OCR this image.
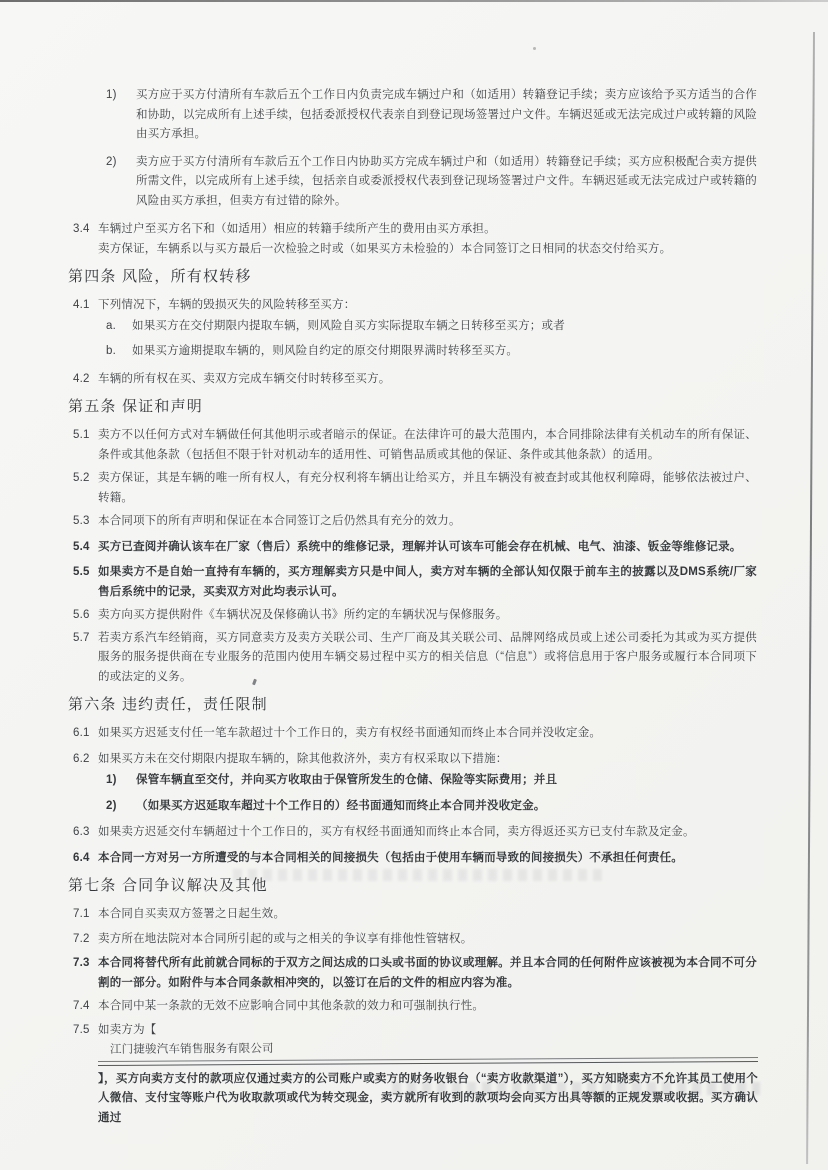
1)	买方应于买方付清所有车款后五个工作日内负责完成车辆过户和（如适用）转籍登记手续；卖方应该给予买方适当的合作和协助，以完成所有上述手续，包括委派授权代表亲自到登记现场签署过户文件。车辆迟延或无法完成过户或转籍的风险由买方承担。
2)	卖方应于买方付清所有车款后五个工作日内协助买方完成车辆过户和（如适用）转籍登记手续；买方应积极配合卖方提供所需文件，以完成所有上述手续，包括亲自或委派授权代表到登记现场签署过户文件。车辆迟延或无法完成过户或转籍的风险由买方承担，但卖方有过错的除外。
3.4 车辆过户至买方名下和（如适用）相应的转籍手续所产生的费用由买方承担。
卖方保证，车辆系以与买方最后一次检验之时或（如果买方未检验的）本合同签订之日相同的状态交付给买方。
第四条 风险，所有权转移
4.1 下列情况下，车辆的毁损灭失的风险转移至买方：
a.	如果买方在交付期限内提取车辆，则风险自买方实际提取车辆之日转移至买方；或者
b.	如果买方逾期提取车辆的，则风险自约定的原交付期限界满时转移至买方。
4.2 车辆的所有权在买、卖双方完成车辆交付时转移至买方。
第五条 保证和声明
5.1 卖方不以任何方式对车辆做任何其他明示或者暗示的保证。在法律许可的最大范围内，本合同排除法律有关机动车的所有保证、条件或其他条款（包括但不限于针对机动车的适用性、可销售品质或其他的保证、条件或其他条款）的适用。
5.2 卖方保证，其是车辆的唯一所有权人，有充分权利将车辆出让给买方，并且车辆没有被查封或其他权利障碍，能够依法被过户、转籍。
5.3 本合同项下的所有声明和保证在本合同签订之后仍然具有充分的效力。
5.4 买方已查阅并确认该车在厂家（售后）系统中的维修记录，理解并认可该车可能会存在机械、电气、油漆、钣金等维修记录。
5.5 如果卖方不是自始一直持有车辆的，买方理解卖方只是中间人，卖方对车辆的全部认知仅限于前车主的披露以及DMS系统/厂家售后系统中的记录，买卖双方对此均表示认可。
5.6 卖方向买方提供附件《车辆状况及保修确认书》所约定的车辆状况与保修服务。
5.7 若卖方系汽车经销商，买方同意卖方及卖方关联公司、生产厂商及其关联公司、品牌网络成员或上述公司委托为其或为买方提供服务的服务提供商在专业服务的范围内使用车辆交易过程中买方的相关信息（“信息”）或将信息用于客户服务或履行本合同项下的或法定的义务。
第六条 违约责任，责任限制
6.1 如果买方迟延支付任一笔车款超过十个工作日的，卖方有权经书面通知而终止本合同并没收定金。
6.2 如果买方未在交付期限内提取车辆的，除其他救济外，卖方有权采取以下措施：
1)	保管车辆直至交付，并向买方收取由于保管所发生的仓储、保险等实际费用；并且
2)	（如果买方迟延取车超过十个工作日的）经书面通知而终止本合同并没收定金。
6.3 如果卖方迟延交付车辆超过十个工作日的，买方有权经书面通知而终止本合同，卖方得返还买方已支付车款及定金。
6.4 本合同一方对另一方所遭受的与本合同相关的间接损失（包括由于使用车辆而导致的间接损失）不承担任何责任。
第七条 合同争议解决及其他
7.1 本合同自买卖双方签署之日起生效。
7.2 卖方所在地法院对本合同所引起的或与之相关的争议享有排他性管辖权。
7.3 本合同将替代所有此前就合同标的于双方之间达成的口头或书面的协议或理解。并且本合同的任何附件应该被视为本合同不可分割的一部分。如附件与本合同条款相冲突的，以签订在后的文件的相应内容为准。
7.4 本合同中某一条款的无效不应影响合同中其他条款的效力和可强制执行性。
7.5 如卖方为【
江门捷骏汽车销售服务有限公司
】，买方向卖方支付的款项应仅通过卖方的公司账户或卖方的财务收银台（“卖方收款渠道”），买方知晓卖方不允许其员工使用个人微信、支付宝等账户代为收取款项或代为转交现金，卖方就所有收到的款项均会向买方出具等额的正规发票或收据。买方确认通过
